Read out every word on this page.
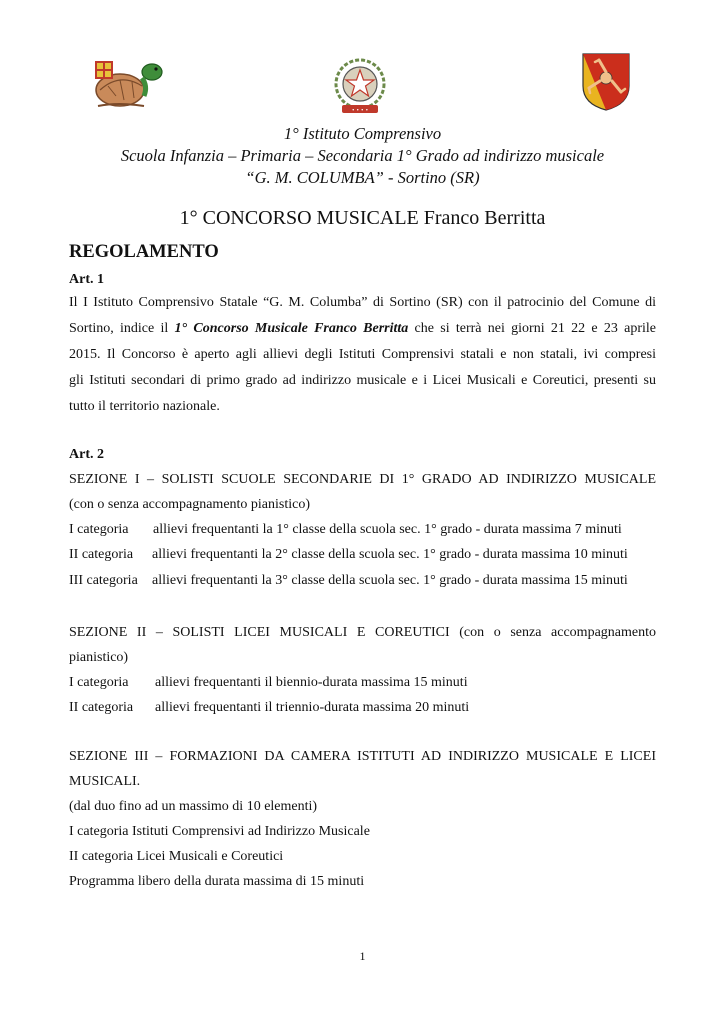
• • • •
1° Istituto Comprensivo
Scuola Infanzia – Primaria – Secondaria 1° Grado ad indirizzo musicale
“G. M. COLUMBA” - Sortino (SR)
1° CONCORSO MUSICALE Franco Berritta
REGOLAMENTO
Art. 1
Il I Istituto Comprensivo Statale “G. M. Columba” di Sortino (SR) con il patrocinio del Comune di
Sortino, indice il 1° Concorso Musicale Franco Berritta che si terrà nei giorni 21 22 e 23 aprile
2015. Il Concorso è aperto agli allievi degli Istituti Comprensivi statali e non statali, ivi compresi
gli Istituti secondari di primo grado ad indirizzo musicale e i Licei Musicali e Coreutici, presenti su
tutto il territorio nazionale.
Art. 2
SEZIONE I – SOLISTI SCUOLE SECONDARIE DI 1° GRADO AD INDIRIZZO MUSICALE
(con o senza accompagnamento pianistico)
I categoria allievi frequentanti la 1° classe della scuola sec. 1° grado - durata massima 7 minuti
II categoria allievi frequentanti la 2° classe della scuola sec. 1° grado - durata massima 10 minuti
III categoria allievi frequentanti la 3° classe della scuola sec. 1° grado - durata massima 15 minuti
SEZIONE II – SOLISTI LICEI MUSICALI E COREUTICI (con o senza accompagnamento
pianistico)
I categoria allievi frequentanti il biennio-durata massima 15 minuti
II categoria allievi frequentanti il triennio-durata massima 20 minuti
SEZIONE III – FORMAZIONI DA CAMERA ISTITUTI AD INDIRIZZO MUSICALE E LICEI
MUSICALI.
(dal duo fino ad un massimo di 10 elementi)
I categoria Istituti Comprensivi ad Indirizzo Musicale
II categoria Licei Musicali e Coreutici
Programma libero della durata massima di 15 minuti
1
